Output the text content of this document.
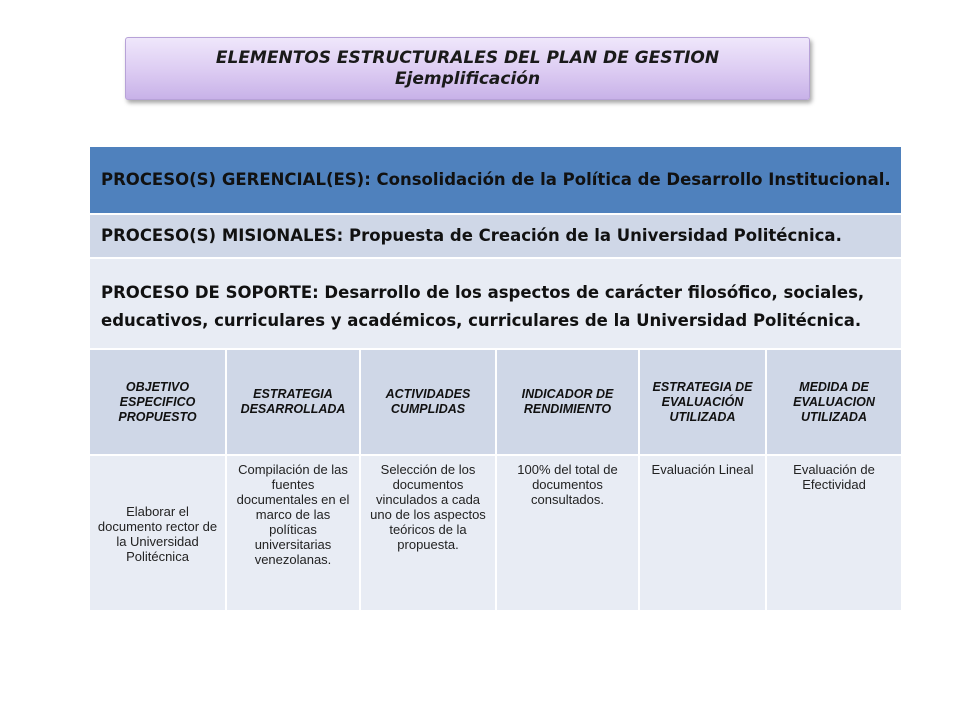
ELEMENTOS ESTRUCTURALES DEL PLAN DE GESTION
Ejemplificación
PROCESO(S) GERENCIAL(ES): Consolidación de la Política de Desarrollo Institucional.
PROCESO(S) MISIONALES: Propuesta de Creación de la Universidad Politécnica.
PROCESO DE SOPORTE: Desarrollo de los aspectos de carácter filosófico, sociales, educativos, curriculares y académicos, curriculares de la Universidad Politécnica.
OBJETIVO ESPECIFICO PROPUESTO	ESTRATEGIA DESARROLLADA	ACTIVIDADES CUMPLIDAS	INDICADOR DE RENDIMIENTO	ESTRATEGIA DE EVALUACIÓN UTILIZADA	MEDIDA DE EVALUACION UTILIZADA
Elaborar el documento rector de la Universidad Politécnica	Compilación de las fuentes documentales en el marco de las políticas universitarias venezolanas.	Selección de los documentos vinculados a cada uno de los aspectos teóricos de la propuesta.	100% del total de documentos consultados.	Evaluación Lineal	Evaluación de Efectividad
